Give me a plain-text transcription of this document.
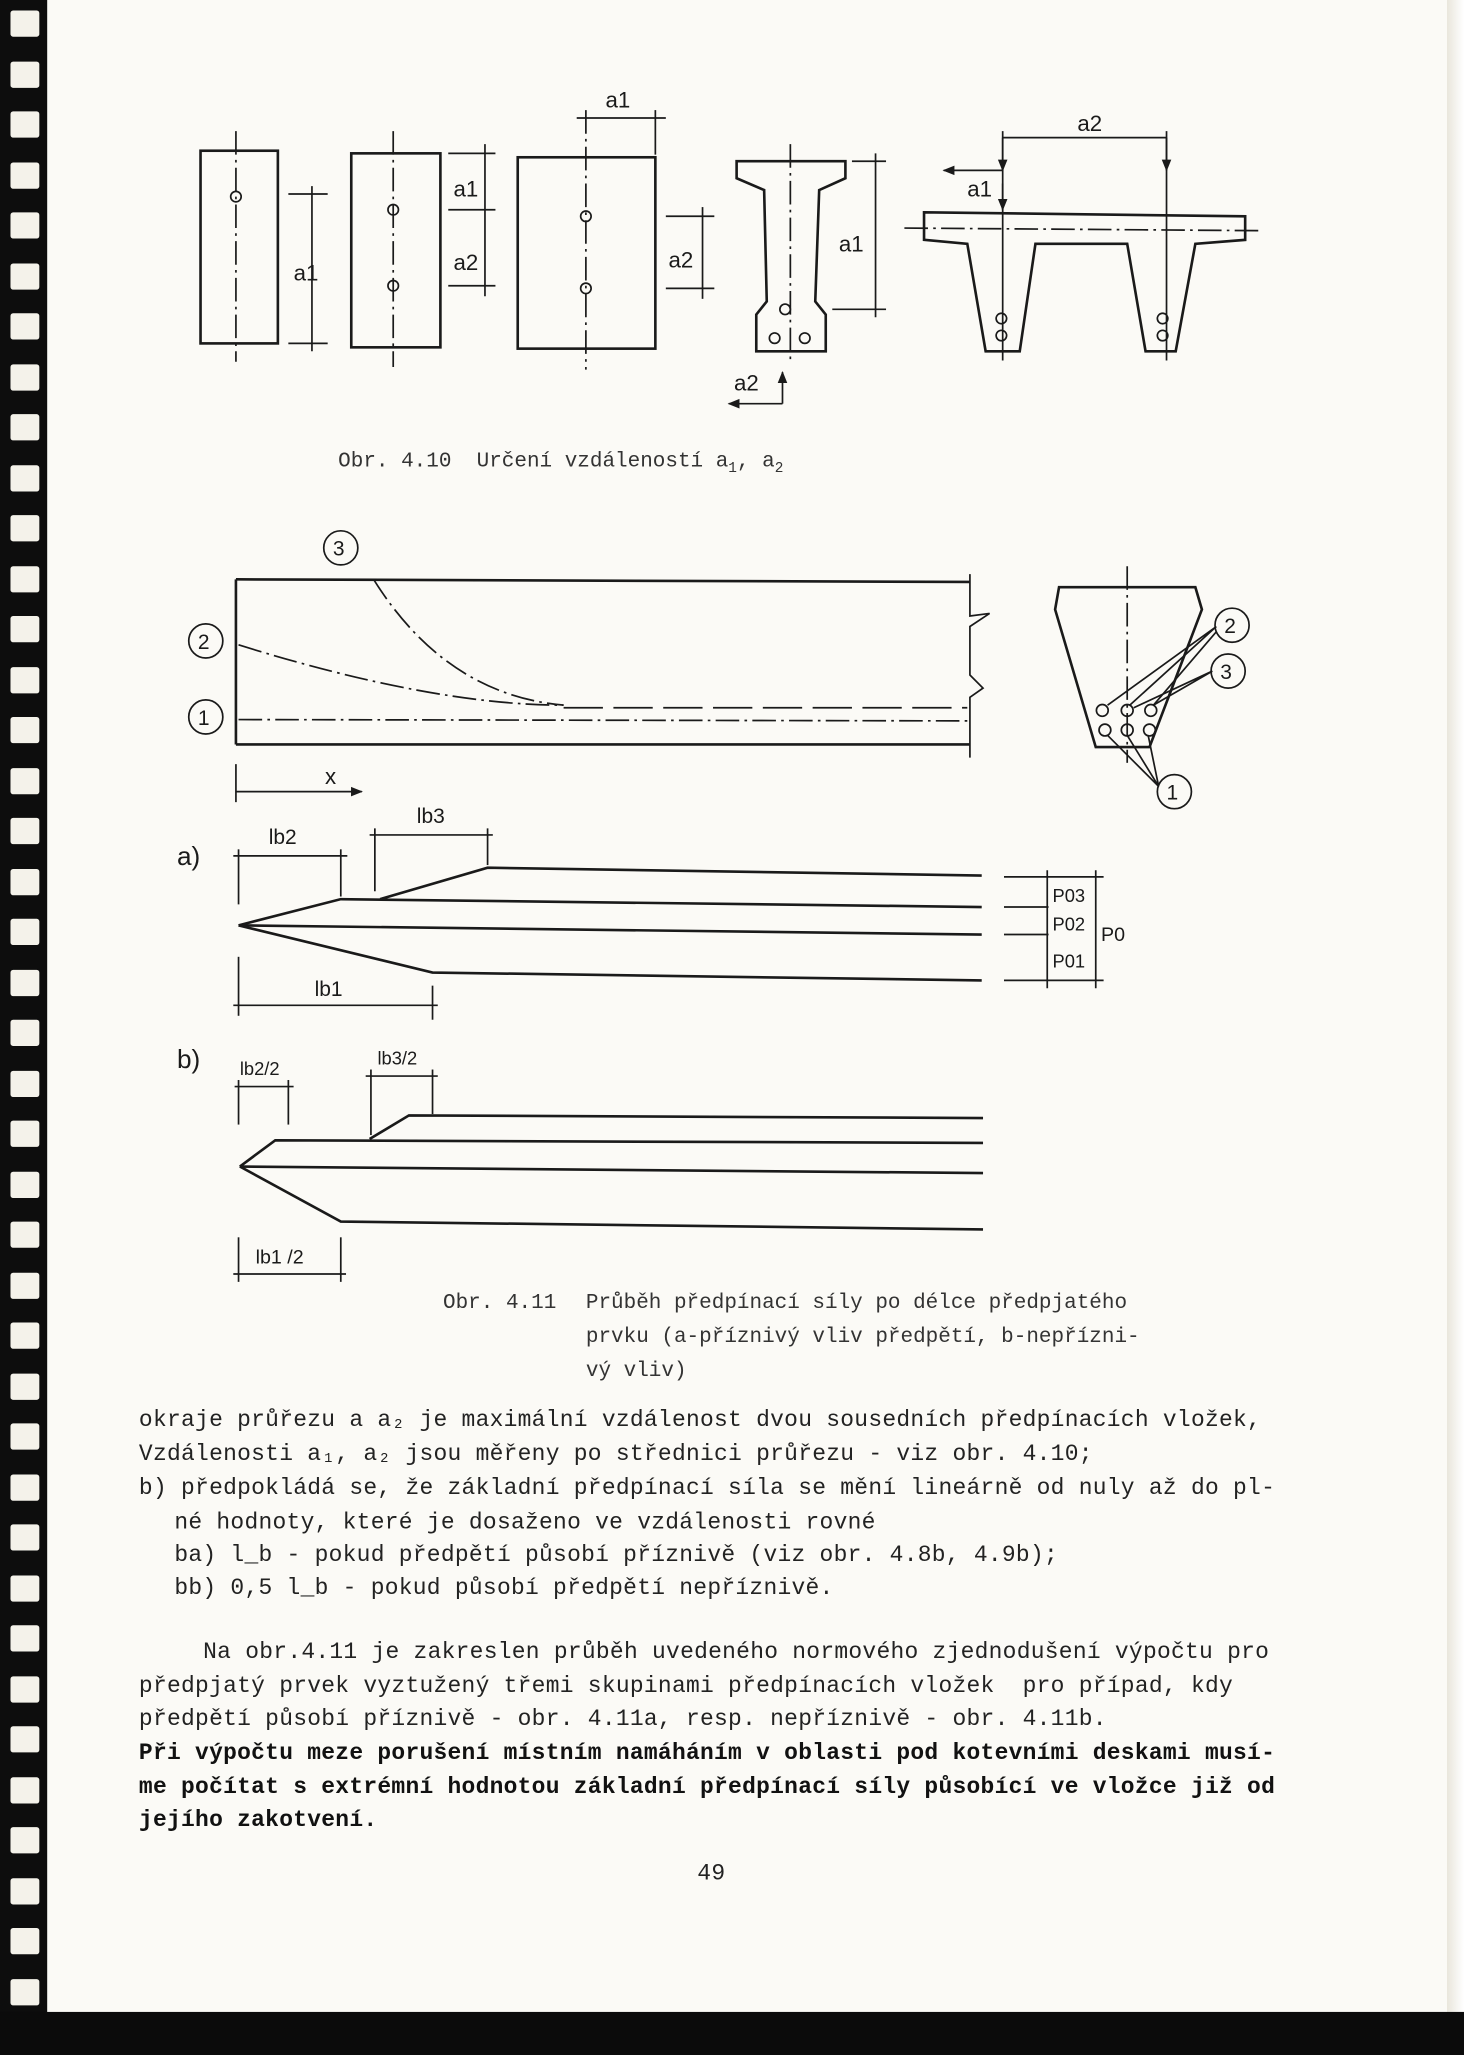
a1
a1
a2
a1
a2
a1
a2
a2
a1
3
2
1
x
2
3
1
a)
lb2
lb3
lb1
P03
P02
P01
P0
b)	lb2/2	lb3/2
lb1 /2
Obr. 4.10 Určení vzdáleností $a_1$, $a_2$
Obr. 4.11 Průběh předpínací síly po délce předpjatého
prvku (a-příznivý vliv předpětí, b-nepřízni-
vý vliv)
okraje průřezu a a₂ je maximální vzdálenost dvou sousedních předpínacích vložek,
Vzdálenosti a₁, a₂ jsou měřeny po střednici průřezu - viz obr. 4.10;
b) předpokládá se, že základní předpínací síla se mění lineárně od nuly až do pl-
né hodnoty, které je dosaženo ve vzdálenosti rovné
ba) l_b - pokud předpětí působí příznivě (viz obr. 4.8b, 4.9b);
bb) 0,5 l_b - pokud působí předpětí nepříznivě.
Na obr.4.11 je zakreslen průběh uvedeného normového zjednodušení výpočtu pro
předpjatý prvek vyztužený třemi skupinami předpínacích vložek  pro případ, kdy
předpětí působí příznivě - obr. 4.11a, resp. nepříznivě - obr. 4.11b.
Při výpočtu meze porušení místním namáháním v oblasti pod kotevními deskami musí-
me počítat s extrémní hodnotou základní předpínací síly působící ve vložce již od
jejího zakotvení.
49
